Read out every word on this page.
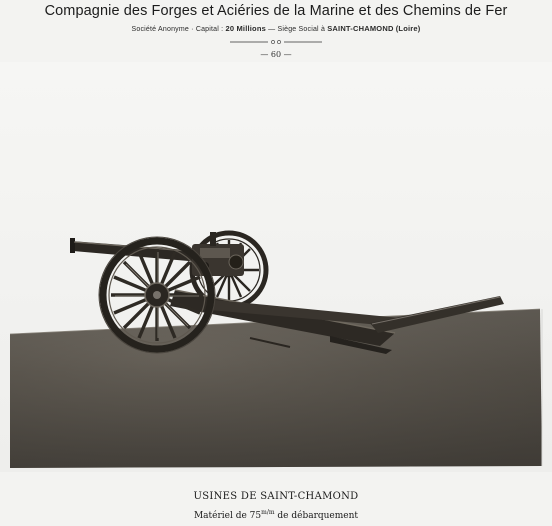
Compagnie des Forges et Aciéries de la Marine et des Chemins de Fer
Société Anonyme · Capital : 20 Millions — Siège Social à SAINT-CHAMOND (Loire)
— 60 —
USINES DE SAINT-CHAMOND
Matériel de $75^{m/m}$ de débarquement
